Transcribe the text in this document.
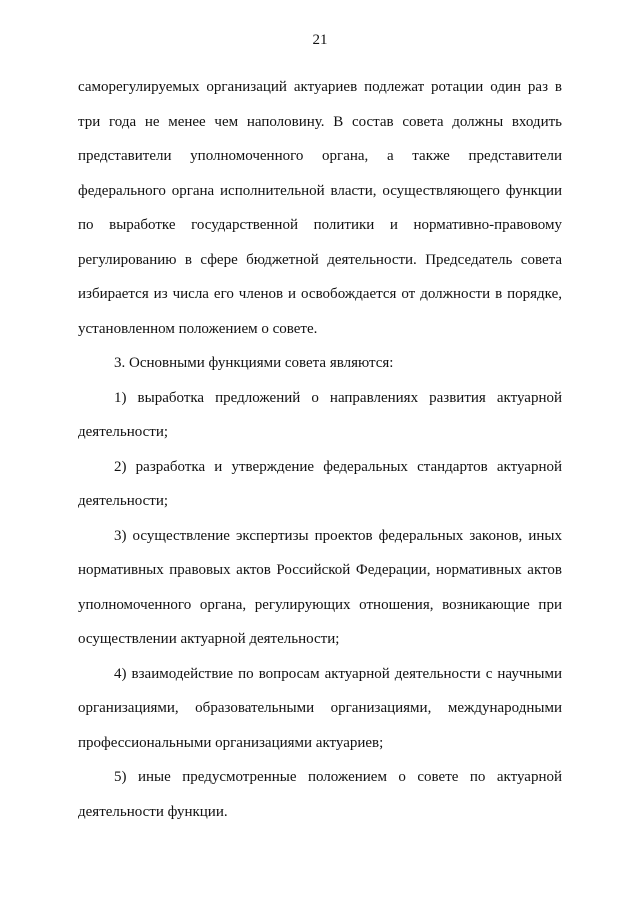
21

саморегулируемых организаций актуариев подлежат ротации один раз в три года не менее чем наполовину. В состав совета должны входить представители уполномоченного органа, а также представители федерального органа исполнительной власти, осуществляющего функции по выработке государственной политики и нормативно-правовому регулированию в сфере бюджетной деятельности. Председатель совета избирается из числа его членов и освобождается от должности в порядке, установленном положением о совете.

3. Основными функциями совета являются:

1) выработка предложений о направлениях развития актуарной деятельности;

2) разработка и утверждение федеральных стандартов актуарной деятельности;

3) осуществление экспертизы проектов федеральных законов, иных нормативных правовых актов Российской Федерации, нормативных актов уполномоченного органа, регулирующих отношения, возникающие при осуществлении актуарной деятельности;

4) взаимодействие по вопросам актуарной деятельности с научными организациями, образовательными организациями, международными профессиональными организациями актуариев;

5) иные предусмотренные положением о совете по актуарной деятельности функции.
